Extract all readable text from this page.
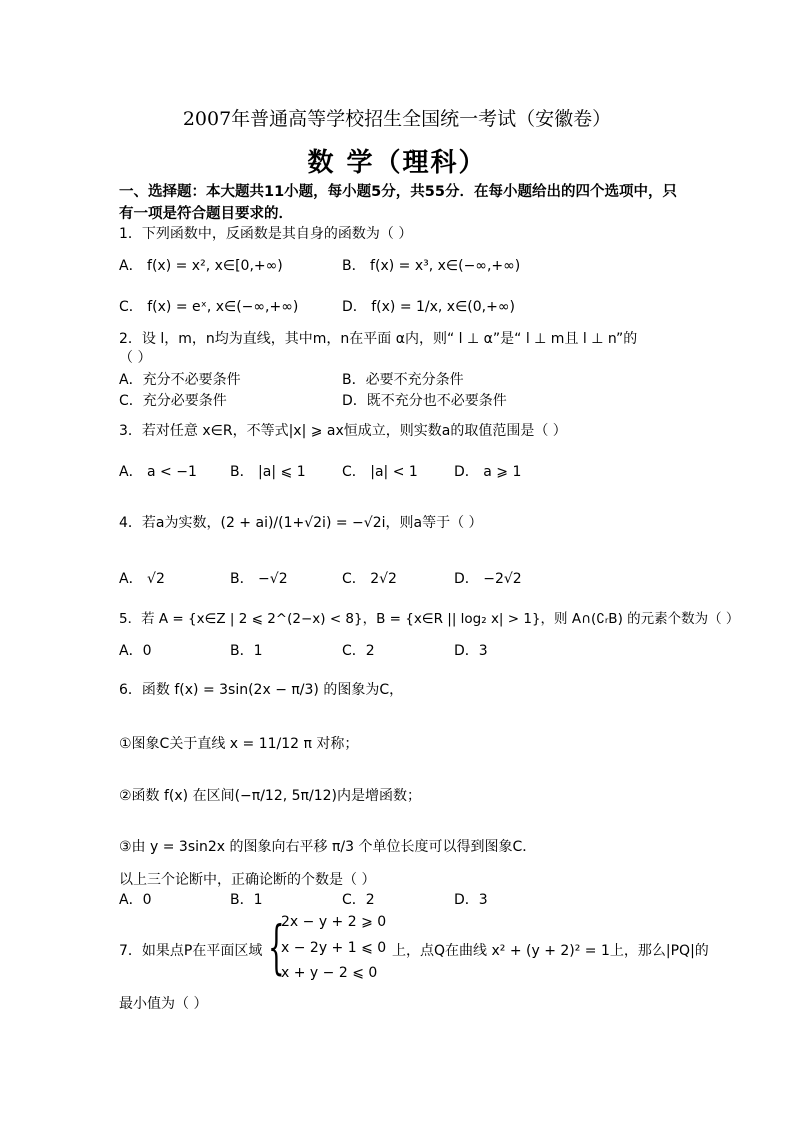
2007年普通高等学校招生全国统一考试（安徽卷）
数 学（理科）
一、选择题：本大题共11小题，每小题5分，共55分．在每小题给出的四个选项中，只有一项是符合题目要求的．
1．下列函数中，反函数是其自身的函数为（ ）
A． f(x) = x², x∈[0,+∞)	B． f(x) = x³, x∈(−∞,+∞)
C． f(x) = eˣ, x∈(−∞,+∞)	D． f(x) = 1/x, x∈(0,+∞)
2．设 l，m，n均为直线，其中m，n在平面 α内，则“ l ⊥ α”是“ l ⊥ m且 l ⊥ n”的
（ ）
A．充分不必要条件	B．必要不充分条件
C．充分必要条件	D．既不充分也不必要条件
3．若对任意 x∈R，不等式|x| ⩾ ax恒成立，则实数a的取值范围是（ ）
A． a < −1 B． |a| ⩽ 1	C． |a| < 1	D． a ⩾ 1
4．若a为实数，(2 + ai)/(1+√2i) = −√2i，则a等于（ ）
A． √2	B． −√2	C． 2√2	D． −2√2
5．若 A = {x∈Z | 2 ⩽ 2^(2−x) < 8}，B = {x∈R || log₂ x| > 1}，则 A∩(∁ᵣB) 的元素个数为（ ）
A．0	B．1	C．2	D．3
6．函数 f(x) = 3sin(2x − π/3) 的图象为C，
①图象C关于直线 x = 11/12 π 对称；
②函数 f(x) 在区间(−π/12, 5π/12)内是增函数；
③由 y = 3sin2x 的图象向右平移 π/3 个单位长度可以得到图象C．
以上三个论断中，正确论断的个数是（ ）
A．0	B．1	C．2	D．3
7．如果点P在平面区域 {
2x − y + 2 ⩾ 0
x − 2y + 1 ⩽ 0
x + y − 2 ⩽ 0
上，点Q在曲线 x² + (y + 2)² = 1上，那么|PQ|的
最小值为（ ）
